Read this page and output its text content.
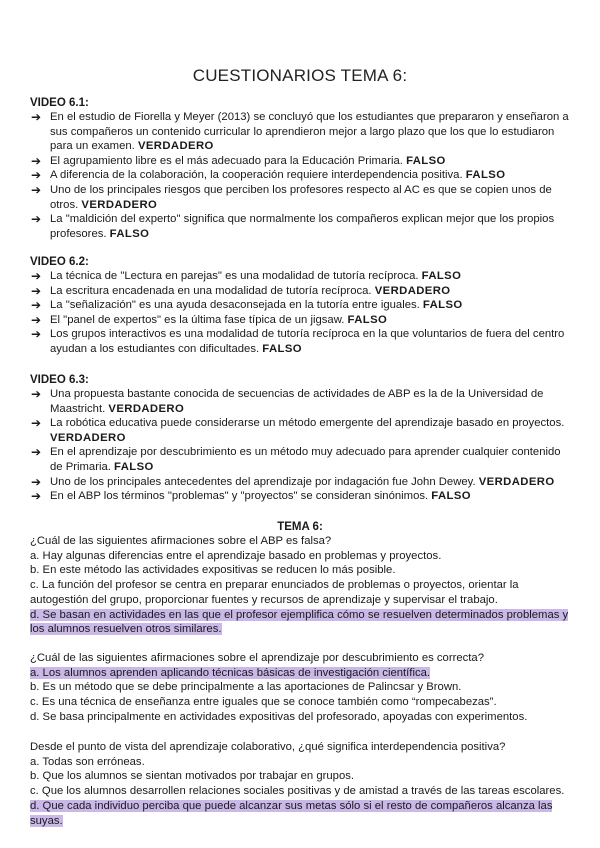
CUESTIONARIOS TEMA 6:
VIDEO 6.1:
➔ En el estudio de Fiorella y Meyer (2013) se concluyó que los estudiantes que prepararon y enseñaron a sus compañeros un contenido curricular lo aprendieron mejor a largo plazo que los que lo estudiaron para un examen. VERDADERO
➔ El agrupamiento libre es el más adecuado para la Educación Primaria. FALSO
➔ A diferencia de la colaboración, la cooperación requiere interdependencia positiva. FALSO
➔ Uno de los principales riesgos que perciben los profesores respecto al AC es que se copien unos de otros. VERDADERO
➔ La "maldición del experto" significa que normalmente los compañeros explican mejor que los propios profesores. FALSO
VIDEO 6.2:
➔ La técnica de "Lectura en parejas" es una modalidad de tutoría recíproca. FALSO
➔ La escritura encadenada en una modalidad de tutoría recíproca. VERDADERO
➔ La "señalización" es una ayuda desaconsejada en la tutoría entre iguales. FALSO
➔ El "panel de expertos" es la última fase típica de un jigsaw. FALSO
➔ Los grupos interactivos es una modalidad de tutoría recíproca en la que voluntarios de fuera del centro ayudan a los estudiantes con dificultades. FALSO
VIDEO 6.3:
➔ Una propuesta bastante conocida de secuencias de actividades de ABP es la de la Universidad de Maastricht. VERDADERO
➔ La robótica educativa puede considerarse un método emergente del aprendizaje basado en proyectos. VERDADERO
➔ En el aprendizaje por descubrimiento es un método muy adecuado para aprender cualquier contenido de Primaria. FALSO
➔ Uno de los principales antecedentes del aprendizaje por indagación fue John Dewey. VERDADERO
➔ En el ABP los términos "problemas" y "proyectos" se consideran sinónimos. FALSO
TEMA 6:

¿Cuál de las siguientes afirmaciones sobre el ABP es falsa?

a. Hay algunas diferencias entre el aprendizaje basado en problemas y proyectos.

b. En este método las actividades expositivas se reducen lo más posible.

c. La función del profesor se centra en preparar enunciados de problemas o proyectos, orientar la autogestión del grupo, proporcionar fuentes y recursos de aprendizaje y supervisar el trabajo.

d. Se basan en actividades en las que el profesor ejemplifica cómo se resuelven determinados problemas y los alumnos resuelven otros similares.

¿Cuál de las siguientes afirmaciones sobre el aprendizaje por descubrimiento es correcta?

a. Los alumnos aprenden aplicando técnicas básicas de investigación científica.

b. Es un método que se debe principalmente a las aportaciones de Palincsar y Brown.

c. Es una técnica de enseñanza entre iguales que se conoce también como “rompecabezas”.

d. Se basa principalmente en actividades expositivas del profesorado, apoyadas con experimentos.

Desde el punto de vista del aprendizaje colaborativo, ¿qué significa interdependencia positiva?

a. Todas son erróneas.

b. Que los alumnos se sientan motivados por trabajar en grupos.

c. Que los alumnos desarrollen relaciones sociales positivas y de amistad a través de las tareas escolares.

d. Que cada individuo perciba que puede alcanzar sus metas sólo si el resto de compañeros alcanza las suyas.
